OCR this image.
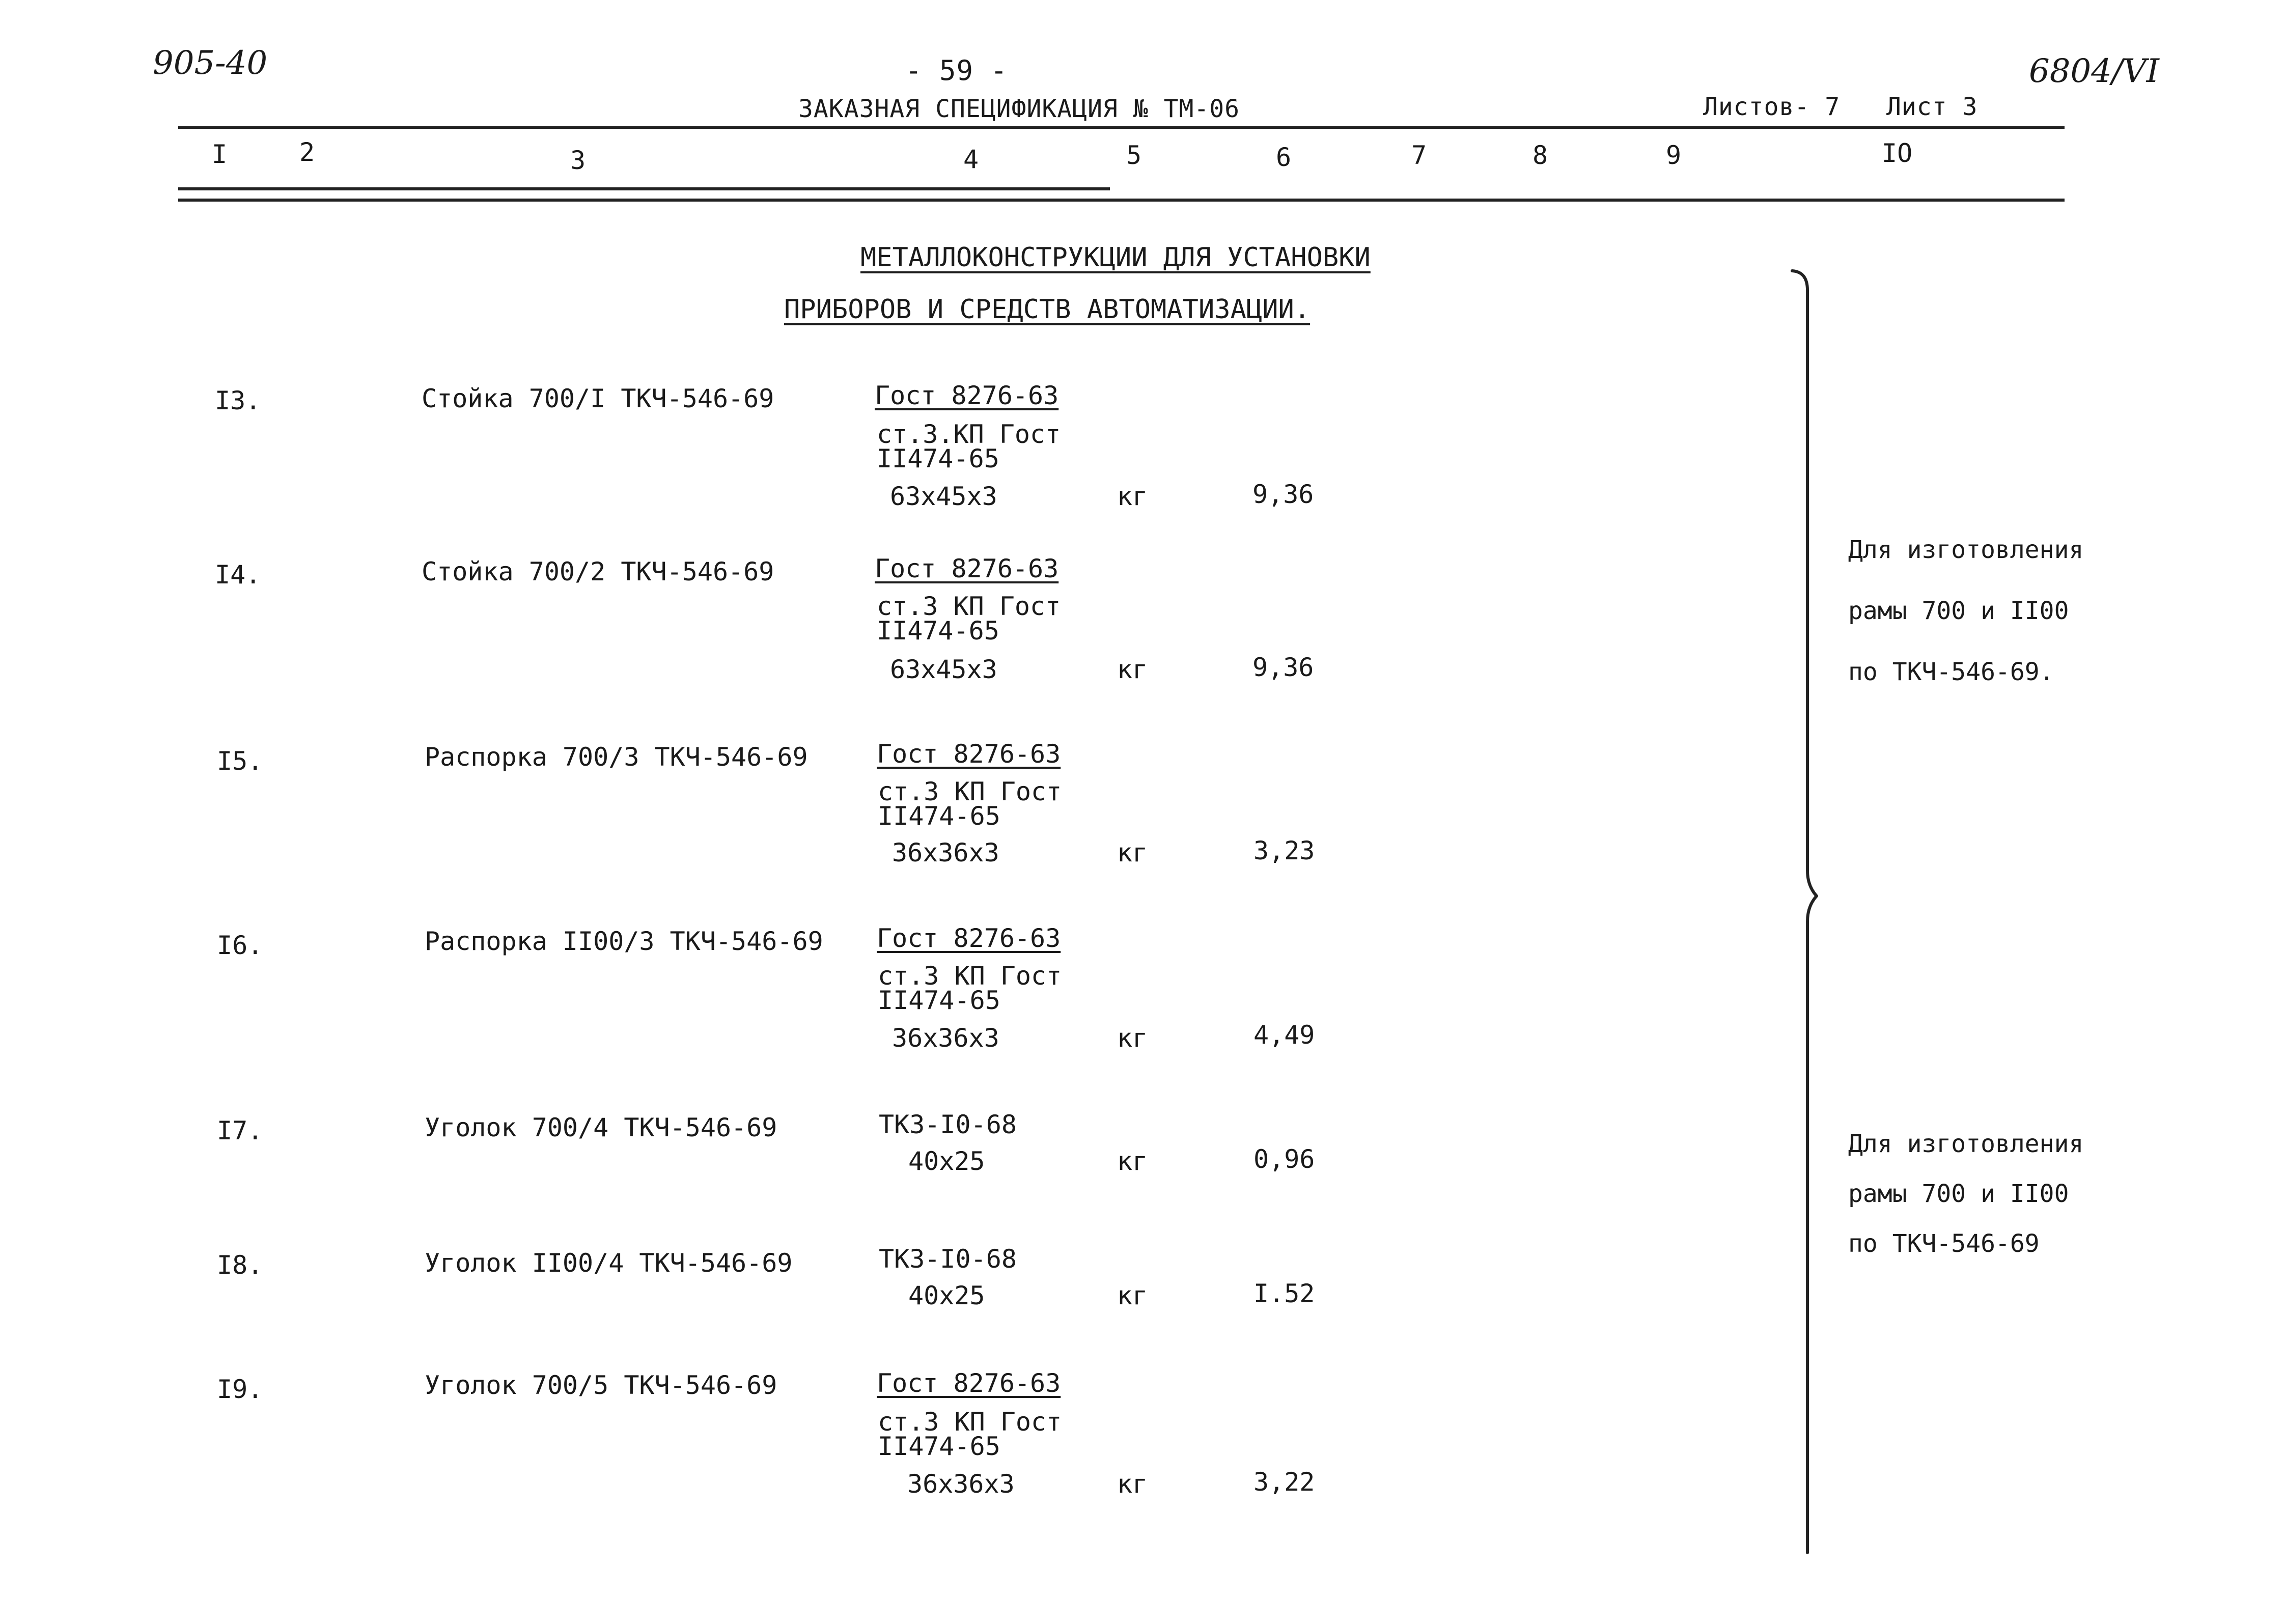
905-40	- 59 -
ЗАКАЗНАЯ СПЕЦИФИКАЦИЯ № ТМ-06	Листов- 7 Лист 3
6804/VI
I	2	3	4	5	6	7	8	9	IO
МЕТАЛЛОКОНСТРУКЦИИ ДЛЯ УСТАНОВКИ
ПРИБОРОВ И СРЕДСТВ АВТОМАТИЗАЦИИ.
I3.	Стойка 700/I ТКЧ-546-69	Гост 8276-63
ст.3.КП Гост
II474-65
63х45х3	кг	9,36
I4.	Стойка 700/2 ТКЧ-546-69	Гост 8276-63
ст.3 КП Гост
II474-65
63х45х3	кг	9,36
I5.	Распорка 700/3 ТКЧ-546-69	Гост 8276-63
ст.3 КП Гост
II474-65
36х36х3	кг	3,23
I6.	Распорка II00/3 ТКЧ-546-69 Гост 8276-63
ст.3 КП Гост
II474-65
36х36х3	кг	4,49
I7.	Уголок 700/4 ТКЧ-546-69	ТКЗ-I0-68
40х25	кг	0,96
I8.	Уголок II00/4 ТКЧ-546-69	ТКЗ-I0-68
40х25	кг	I.52
I9.	Уголок 700/5 ТКЧ-546-69	Гост 8276-63
ст.3 КП Гост
II474-65
36х36х3	кг	3,22
Для изготовления
рамы 700 и II00
по ТКЧ-546-69.
Для изготовления
рамы 700 и II00
по ТКЧ-546-69
